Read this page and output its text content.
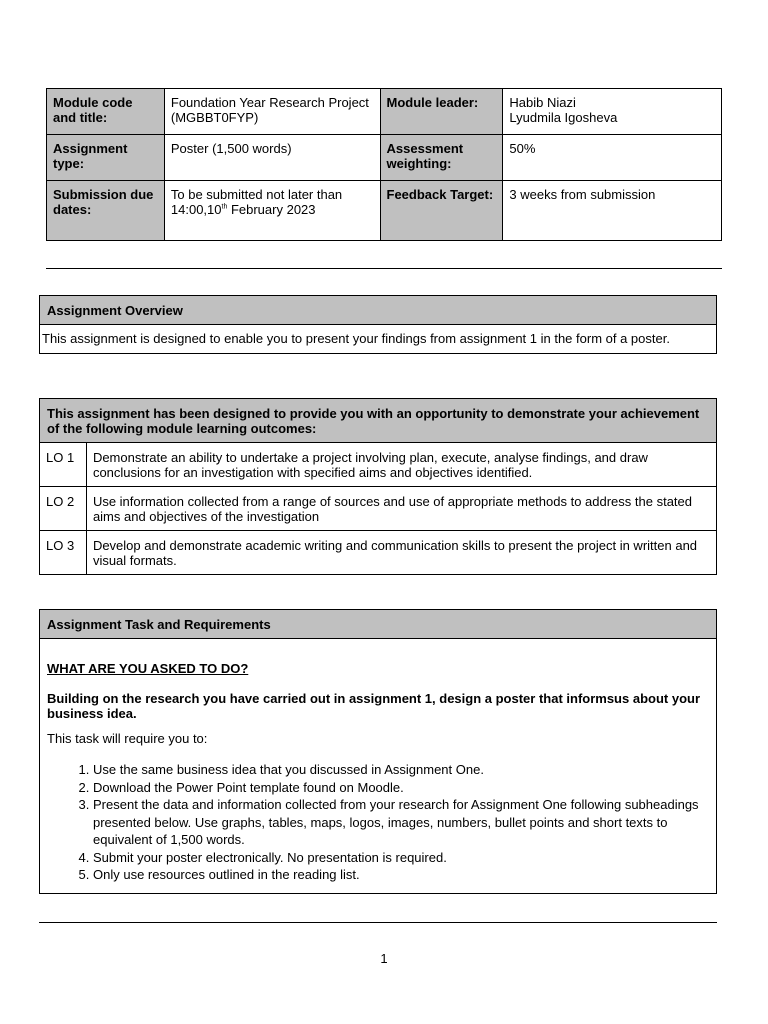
Module code and title:	Foundation Year Research Project (MGBBT0FYP)	Module leader:	Habib Niazi
Lyudmila Igosheva

Assignment type:	Poster (1,500 words)	Assessment weighting:	50%
Submission due dates:	To be submitted not later than
14:00,10th February 2023	Feedback Target:	3 weeks from submission
Assignment Overview
This assignment is designed to enable you to present your findings from assignment 1 in the form of a poster.
This assignment has been designed to provide you with an opportunity to demonstrate your achievement of the following module learning outcomes:	
LO 1	Demonstrate an ability to undertake a project involving plan, execute, analyse findings, and draw conclusions for an investigation with specified aims and objectives identified.
LO 2	Use information collected from a range of sources and use of appropriate methods to address the stated aims and objectives of the investigation
LO 3	Develop and demonstrate academic writing and communication skills to present the project in written and visual formats.
Assignment Task and Requirements
WHAT ARE YOU ASKED TO DO?
Building on the research you have carried out in assignment 1, design a poster that informsus about your business idea.
This task will require you to:
1. Use the same business idea that you discussed in Assignment One.
2. Download the Power Point template found on Moodle.
3. Present the data and information collected from your research for Assignment One following subheadings presented below. Use graphs, tables, maps, logos, images, numbers, bullet points and short texts to equivalent of 1,500 words.
4. Submit your poster electronically. No presentation is required.
5. Only use resources outlined in the reading list.
1
